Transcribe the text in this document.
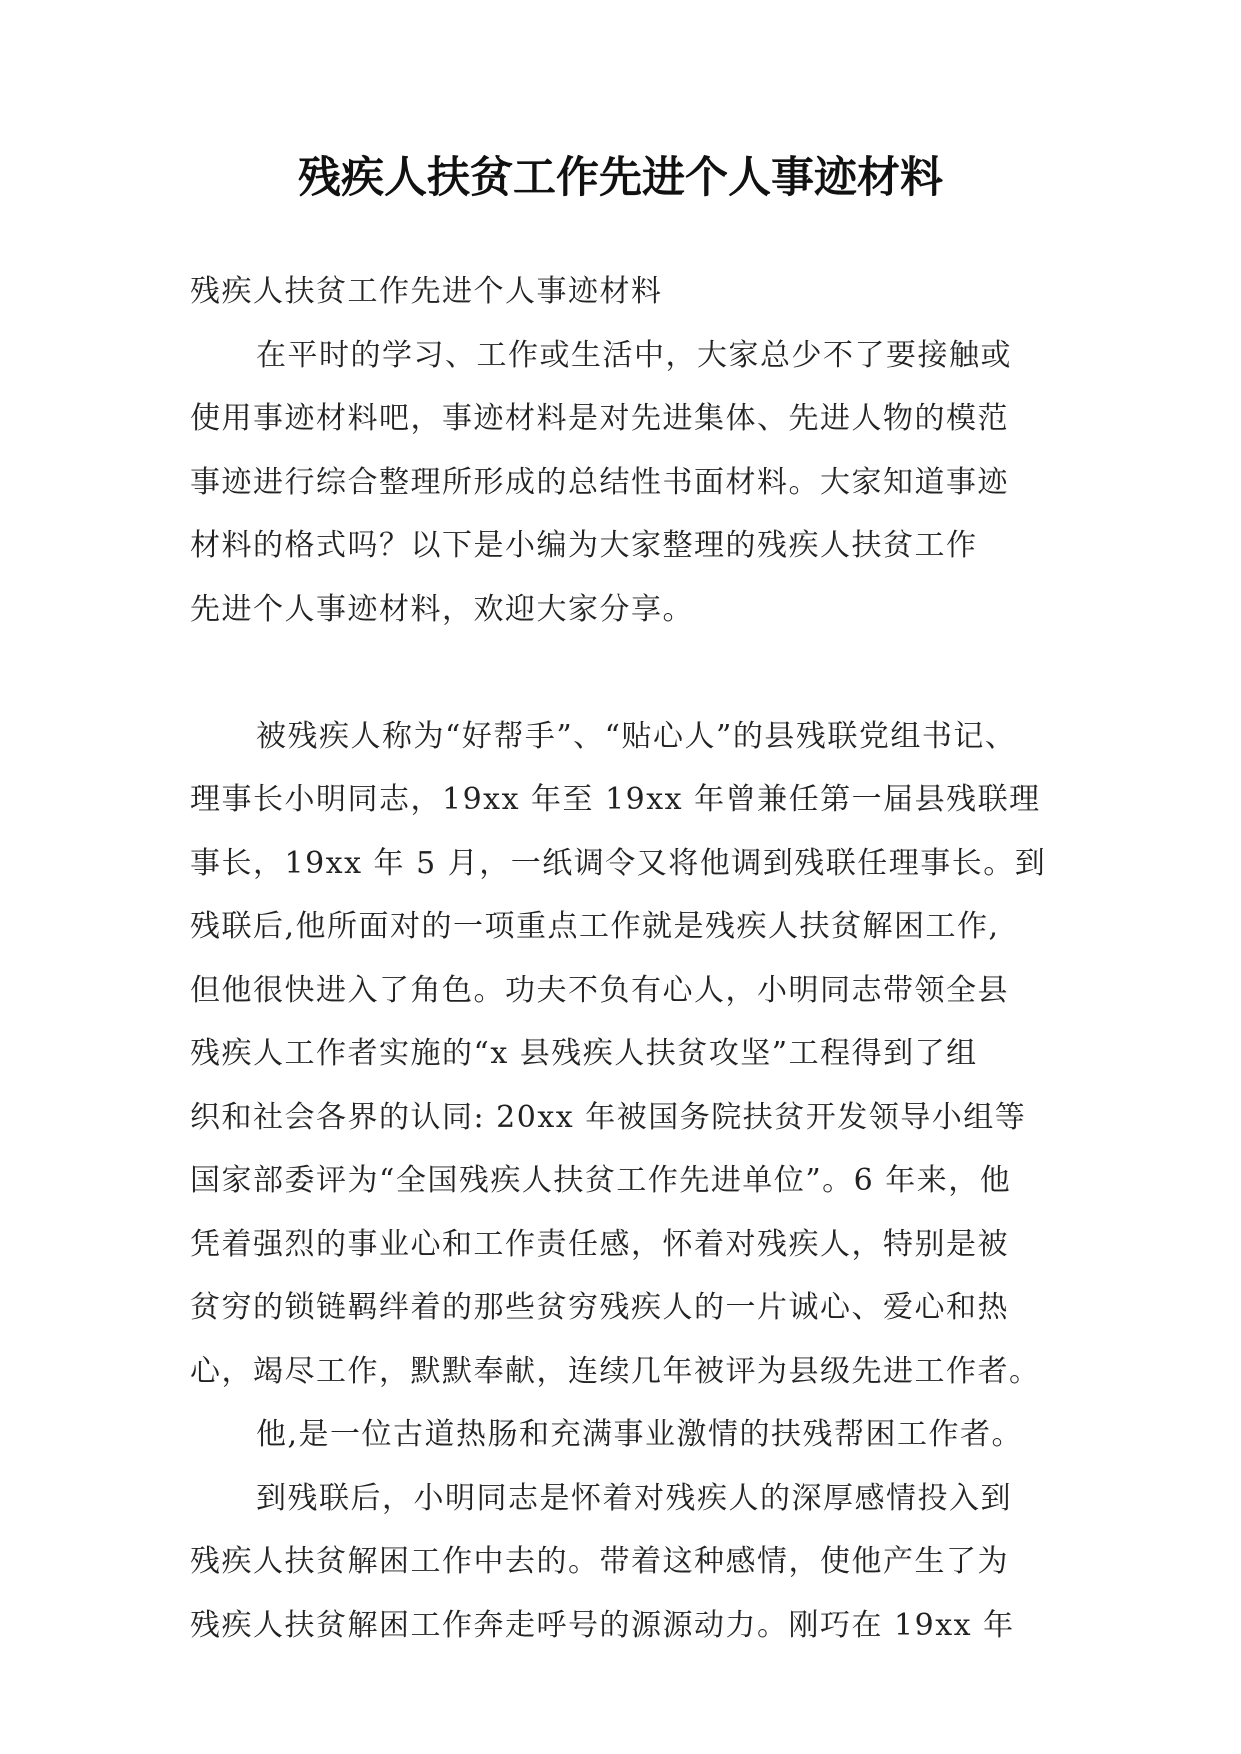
残疾人扶贫工作先进个人事迹材料
残疾人扶贫工作先进个人事迹材料
在平时的学习、工作或生活中，大家总少不了要接触或
使用事迹材料吧，事迹材料是对先进集体、先进人物的模范
事迹进行综合整理所形成的总结性书面材料。大家知道事迹
材料的格式吗？以下是小编为大家整理的残疾人扶贫工作
先进个人事迹材料，欢迎大家分享。
被残疾人称为“好帮手”、“贴心人”的县残联党组书记、
理事长小明同志，19xx 年至 19xx 年曾兼任第一届县残联理
事长，19xx 年 5 月，一纸调令又将他调到残联任理事长。到
残联后,他所面对的一项重点工作就是残疾人扶贫解困工作,
但他很快进入了角色。功夫不负有心人，小明同志带领全县
残疾人工作者实施的“x 县残疾人扶贫攻坚”工程得到了组
织和社会各界的认同: 20xx 年被国务院扶贫开发领导小组等
国家部委评为“全国残疾人扶贫工作先进单位”。6 年来，他
凭着强烈的事业心和工作责任感，怀着对残疾人，特别是被
贫穷的锁链羁绊着的那些贫穷残疾人的一片诚心、爱心和热
心，竭尽工作，默默奉献，连续几年被评为县级先进工作者。
他,是一位古道热肠和充满事业激情的扶残帮困工作者。
到残联后，小明同志是怀着对残疾人的深厚感情投入到
残疾人扶贫解困工作中去的。带着这种感情，使他产生了为
残疾人扶贫解困工作奔走呼号的源源动力。刚巧在 19xx 年
